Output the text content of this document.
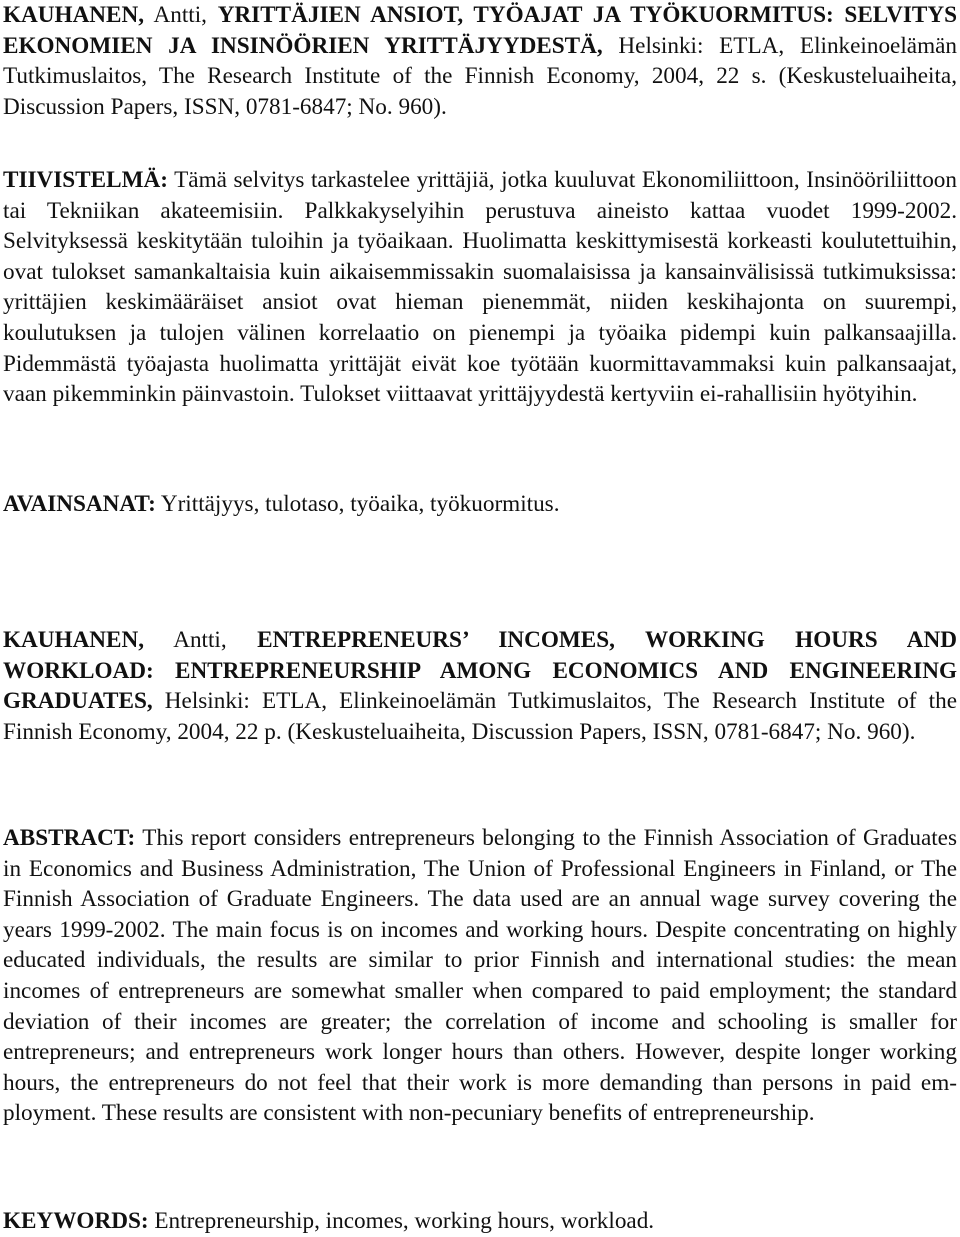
KAUHANEN, Antti, YRITTÄJIEN ANSIOT, TYÖAJAT JA TYÖKUORMITUS: SELVITYS EKONOMIEN JA INSINÖÖRIEN YRITTÄJYYDESTÄ, Helsinki: ETLA, Elinkeinoelämän Tutkimuslaitos, The Research Institute of the Finnish Economy, 2004, 22 s. (Keskusteluaiheita, Discussion Papers, ISSN, 0781-6847; No. 960).

TIIVISTELMÄ: Tämä selvitys tarkastelee yrittäjiä, jotka kuuluvat Ekonomiliittoon, Insinööriliittoon tai Tekniikan akateemisiin. Palkkakyselyihin perustuva aineisto kattaa vuodet 1999-2002. Selvityksessä keskitytään tuloihin ja työaikaan. Huolimatta keskittymisestä korkeasti koulutettuihin, ovat tulokset samankaltaisia kuin aikaisemmissakin suomalaisissa ja kansainvälisissä tutkimuksissa: yrittäjien keskimääräiset ansiot ovat hieman pienemmät, niiden keskihajonta on suurempi, koulutuksen ja tulojen välinen korrelaatio on pienempi ja työaika pidempi kuin palkansaajilla. Pidemmästä työajasta huolimatta yrittäjät eivät koe työtään kuormittavammaksi kuin palkansaajat, vaan pikemminkin päinvastoin. Tulokset viittaavat yrittäjyydestä kertyviin ei-rahallisiin hyötyihin.

AVAINSANAT: Yrittäjyys, tulotaso, työaika, työkuormitus.

KAUHANEN, Antti, ENTREPRENEURS’ INCOMES, WORKING HOURS AND WORKLOAD: ENTREPRENEURSHIP AMONG ECONOMICS AND ENGINEERING GRADUATES, Helsinki: ETLA, Elinkeinoelämän Tutkimuslaitos, The Research Institute of the Finnish Economy, 2004, 22 p. (Keskusteluaiheita, Discussion Papers, ISSN, 0781-6847; No. 960).

ABSTRACT: This report considers entrepreneurs belonging to the Finnish Association of Graduates in Economics and Business Administration, The Union of Professional Engineers in Finland, or The Finnish Association of Graduate Engineers. The data used are an annual wage survey covering the years 1999-2002. The main focus is on incomes and working hours. Despite concentrating on highly educated individuals, the results are similar to prior Finnish and international studies: the mean incomes of entrepreneurs are somewhat smaller when compared to paid employment; the standard deviation of their incomes are greater; the correlation of income and schooling is smaller for entrepreneurs; and entrepreneurs work longer hours than others. However, despite longer working hours, the entrepreneurs do not feel that their work is more demanding than persons in paid employment. These results are consistent with non-pecuniary benefits of entrepreneurship.

KEYWORDS: Entrepreneurship, incomes, working hours, workload.
